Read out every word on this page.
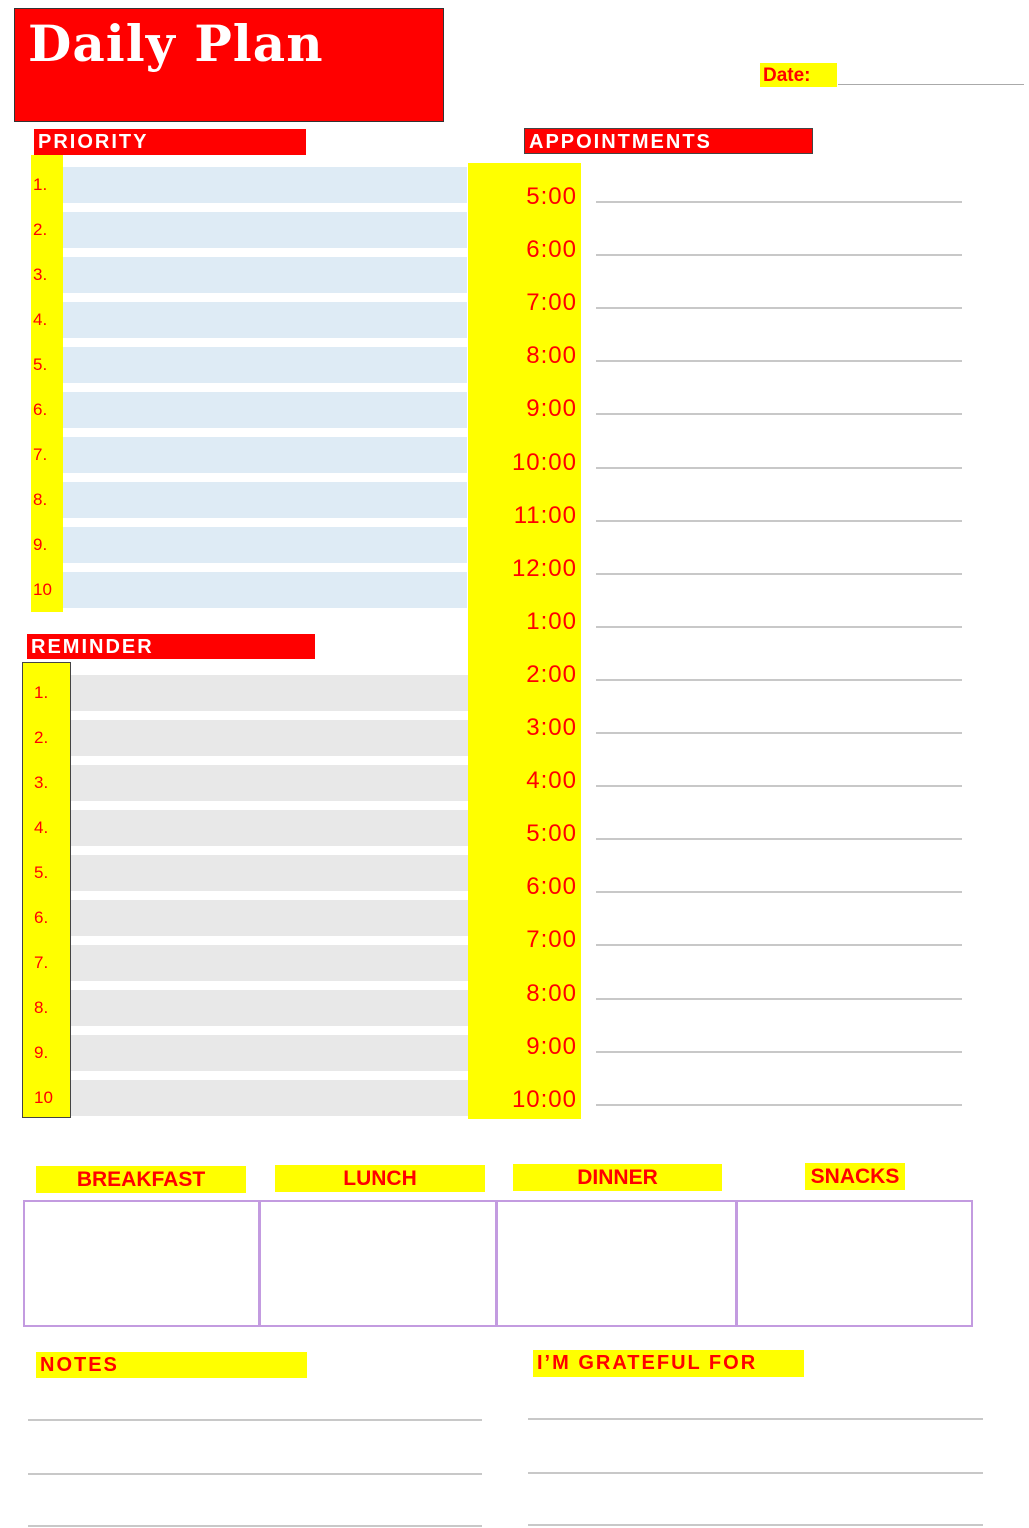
Daily Plan
Date:
PRIORITY
1.
2.
3.
4.
5.
6.
7.
8.
9.
10
REMINDER
1.
2.
3.
4.
5.
6.
7.
8.
9.
10
APPOINTMENTS
5:00
6:00
7:00
8:00
9:00
10:00
11:00
12:00
1:00
2:00
3:00
4:00
5:00
6:00
7:00
8:00
9:00
10:00
BREAKFAST	LUNCH	DINNER	SNACKS
NOTES	I’M GRATEFUL FOR
